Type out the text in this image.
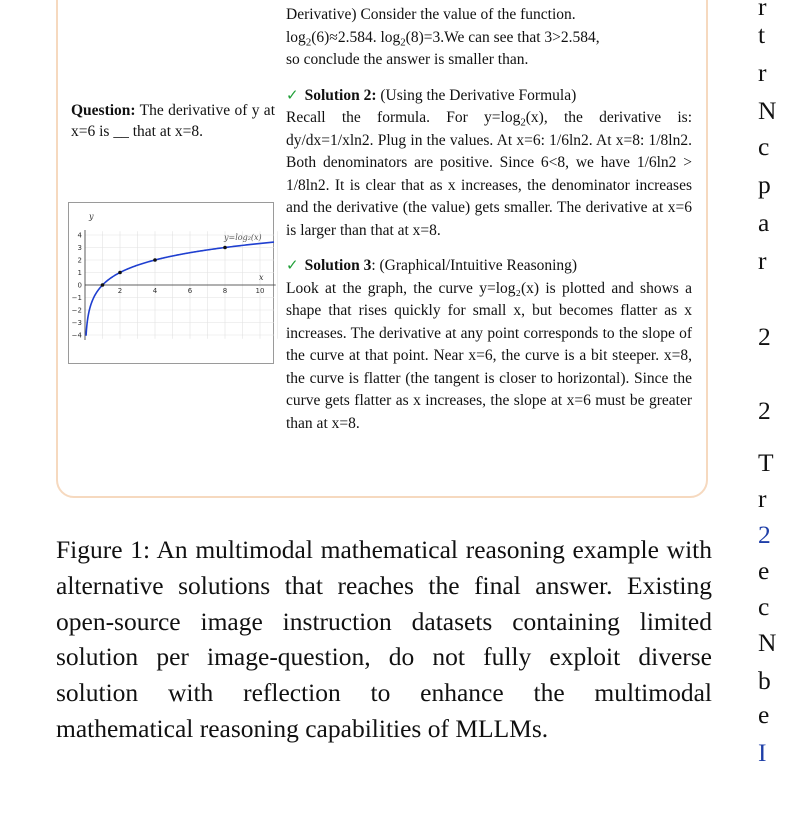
Question: The derivative of y at x=6 is __ that at x=8.
2	4	6	8	10
4
3
2
1
0
−1
−2
−3
−4
y=log₂(x)
x
y

Derivative) Consider the value of the function.

$\log_2(6)\approx 2.584$. $\log_2(8)=3.We$ can see that 3>2.584,

so conclude the answer is smaller than.

✓ Solution 2: (Using the Derivative Formula)

Recall the formula. For $y=\log_2(x)$, the derivative is: dy/dx=1/xln2. Plug in the values. At x=6: 1/6ln2. At x=8: 1/8ln2. Both denominators are positive. Since 6<8, we have 1/6ln2 > 1/8ln2. It is clear that as x increases, the denominator increases and the derivative (the value) gets smaller. The derivative at x=6 is larger than that at x=8.

✓ Solution 3: (Graphical/Intuitive Reasoning)

Look at the graph, the curve y=log₂(x) is plotted and shows a shape that rises quickly for small x, but becomes flatter as x increases. The derivative at any point corresponds to the slope of the curve at that point. Near x=6, the curve is a bit steeper. x=8, the curve is flatter (the tangent is closer to horizontal). Since the curve gets flatter as x increases, the slope at x=6 must be greater than at x=8.

Figure 1: An multimodal mathematical reasoning example with alternative solutions that reaches the final answer. Existing open-source image instruction datasets containing limited solution per image-question, do not fully exploit diverse solution with reflection to enhance the multimodal mathematical reasoning capabilities of MLLMs.
r
t
r
N
c
p
a
r
2
2
T
r
2
e
c
N
b
e
I
